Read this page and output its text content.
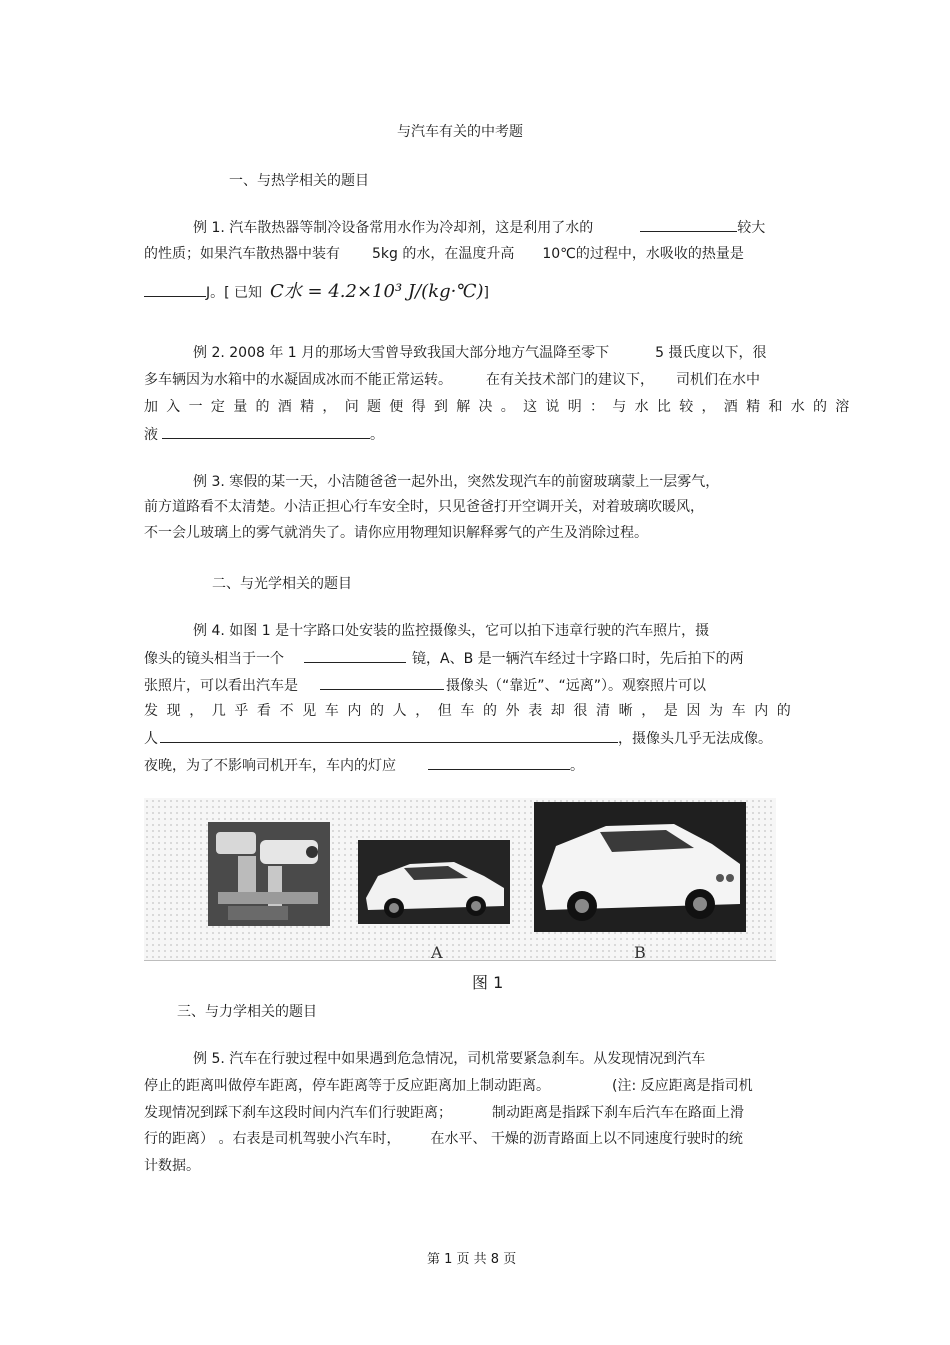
与汽车有关的中考题
一、与热学相关的题目
例 1. 汽车散热器等制冷设备常用水作为冷却剂，这是利用了水的	较大
的性质；如果汽车散热器中装有 5kg 的水，在温度升高 10℃的过程中，水吸收的热量是
J。[ 已知 C水 = 4.2×10³ J/(kg·℃)]
例 2. 2008 年 1 月的那场大雪曾导致我国大部分地方气温降至零下	5 摄氏度以下，很
多车辆因为水箱中的水凝固成冰而不能正常运转。 在有关技术部门的建议下， 司机们在水中
加入一定量的酒精，问题便得到解决。这说明：与水比较，酒精和水的溶
液	。
例 3. 寒假的某一天，小洁随爸爸一起外出，突然发现汽车的前窗玻璃蒙上一层雾气，
前方道路看不太清楚。小洁正担心行车安全时，只见爸爸打开空调开关，对着玻璃吹暖风，
不一会儿玻璃上的雾气就消失了。请你应用物理知识解释雾气的产生及消除过程。
二、与光学相关的题目
例 4. 如图 1 是十字路口处安装的监控摄像头，它可以拍下违章行驶的汽车照片，摄
像头的镜头相当于一个	镜，A、B 是一辆汽车经过十字路口时，先后拍下的两
张照片，可以看出汽车是	摄像头（“靠近”、“远离”）。观察照片可以
发现，几乎看不见车内的人，但车的外表却很清晰，是因为车内的
人	，摄像头几乎无法成像。
夜晚，为了不影响司机开车，车内的灯应	。
A	B
图 1
三、与力学相关的题目
例 5. 汽车在行驶过程中如果遇到危急情况，司机常要紧急刹车。从发现情况到汽车
停止的距离叫做停车距离，停车距离等于反应距离加上制动距离。	(注: 反应距离是指司机
发现情况到踩下刹车这段时间内汽车们行驶距离；	制动距离是指踩下刹车后汽车在路面上滑
行的距离） 。右表是司机驾驶小汽车时， 在水平、 干燥的沥青路面上以不同速度行驶时的统
计数据。
第 1 页 共 8 页
